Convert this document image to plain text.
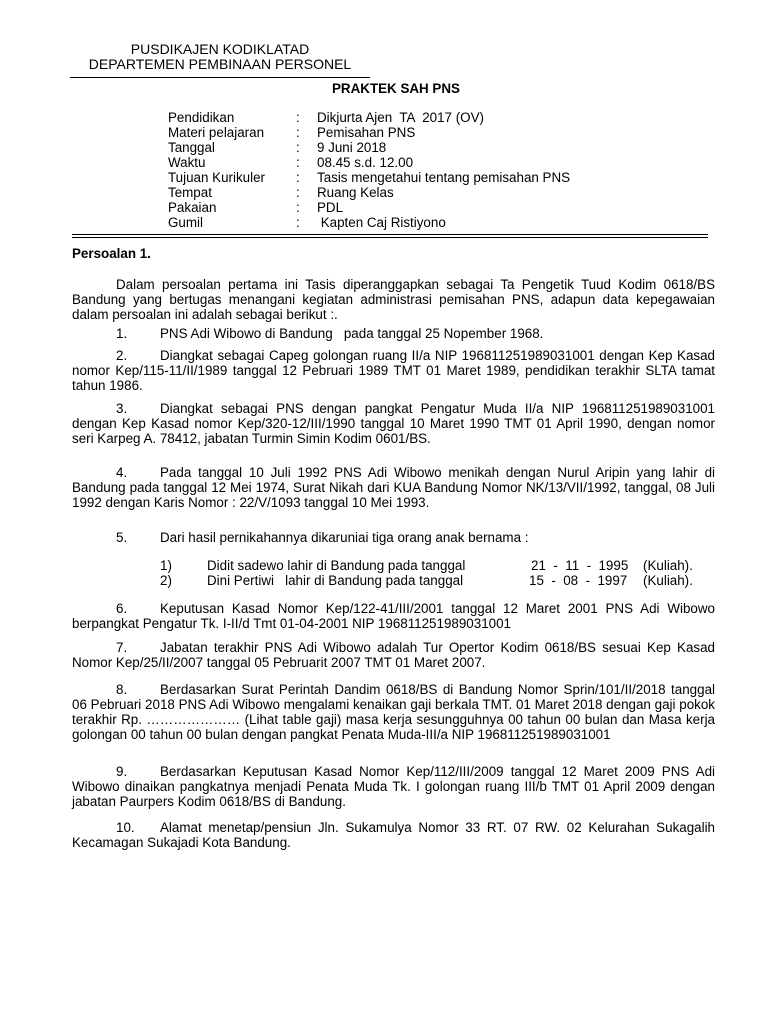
PUSDIKAJEN KODIKLATAD
DEPARTEMEN PEMBINAAN PERSONEL
PRAKTEK SAH PNS
Pendidikan	: Dikjurta Ajen  TA  2017 (OV)
Materi pelajaran : Pemisahan PNS
Tanggal	: 9 Juni 2018
Waktu	: 08.45 s.d. 12.00
Tujuan Kurikuler : Tasis mengetahui tentang pemisahan PNS
Tempat	: Ruang Kelas
Pakaian	: PDL
Gumil	: Kapten Caj Ristiyono
Persoalan 1.
Dalam persoalan pertama ini Tasis diperanggapkan sebagai Ta Pengetik Tuud Kodim 0618/BS Bandung yang bertugas menangani kegiatan administrasi pemisahan PNS, adapun data kepegawaian dalam persoalan ini adalah sebagai berikut :.
1. PNS Adi Wibowo di Bandung   pada tanggal 25 Nopember 1968.
2. Diangkat sebagai Capeg golongan ruang II/a NIP 196811251989031001 dengan Kep Kasad nomor Kep/115-11/II/1989 tanggal 12 Pebruari 1989 TMT 01 Maret 1989, pendidikan terakhir SLTA tamat tahun 1986.
3. Diangkat sebagai PNS dengan pangkat Pengatur Muda II/a NIP 196811251989031001 dengan Kep Kasad nomor Kep/320-12/III/1990 tanggal 10 Maret 1990 TMT 01 April 1990, dengan nomor seri Karpeg A. 78412, jabatan Turmin Simin Kodim 0601/BS.
4. Pada tanggal 10 Juli 1992 PNS Adi Wibowo menikah dengan Nurul Aripin yang lahir di Bandung pada tanggal 12 Mei 1974, Surat Nikah dari KUA Bandung Nomor NK/13/VII/1992, tanggal, 08 Juli 1992 dengan Karis Nomor : 22/V/1093 tanggal 10 Mei 1993.
5. Dari hasil pernikahannya dikaruniai tiga orang anak bernama :
1)	Didit sadewo lahir di Bandung pada tanggal	21  -  11  -  1995 (Kuliah).
2)	Dini Pertiwi   lahir di Bandung pada tanggal	15  -  08  -  1997 (Kuliah).
6. Keputusan Kasad Nomor Kep/122-41/III/2001 tanggal 12 Maret 2001 PNS Adi Wibowo berpangkat Pengatur Tk. I-II/d Tmt 01-04-2001 NIP 196811251989031001
7. Jabatan terakhir PNS Adi Wibowo adalah Tur Opertor Kodim 0618/BS sesuai Kep Kasad Nomor Kep/25/II/2007 tanggal 05 Pebruarit 2007 TMT 01 Maret 2007.
8. Berdasarkan Surat Perintah Dandim 0618/BS di Bandung Nomor Sprin/101/II/2018 tanggal 06 Pebruari 2018 PNS Adi Wibowo mengalami kenaikan gaji berkala TMT. 01 Maret 2018 dengan gaji pokok terakhir Rp. ………………… (Lihat table gaji) masa kerja sesungguhnya 00 tahun 00 bulan dan Masa kerja golongan 00 tahun 00 bulan dengan pangkat Penata Muda-III/a NIP 196811251989031001
9. Berdasarkan Keputusan Kasad Nomor Kep/112/III/2009 tanggal 12 Maret 2009 PNS Adi Wibowo dinaikan pangkatnya menjadi Penata Muda Tk. I golongan ruang III/b TMT 01 April 2009 dengan jabatan Paurpers Kodim 0618/BS di Bandung.
10. Alamat menetap/pensiun Jln. Sukamulya Nomor 33 RT. 07 RW. 02 Kelurahan Sukagalih Kecamagan Sukajadi Kota Bandung.
